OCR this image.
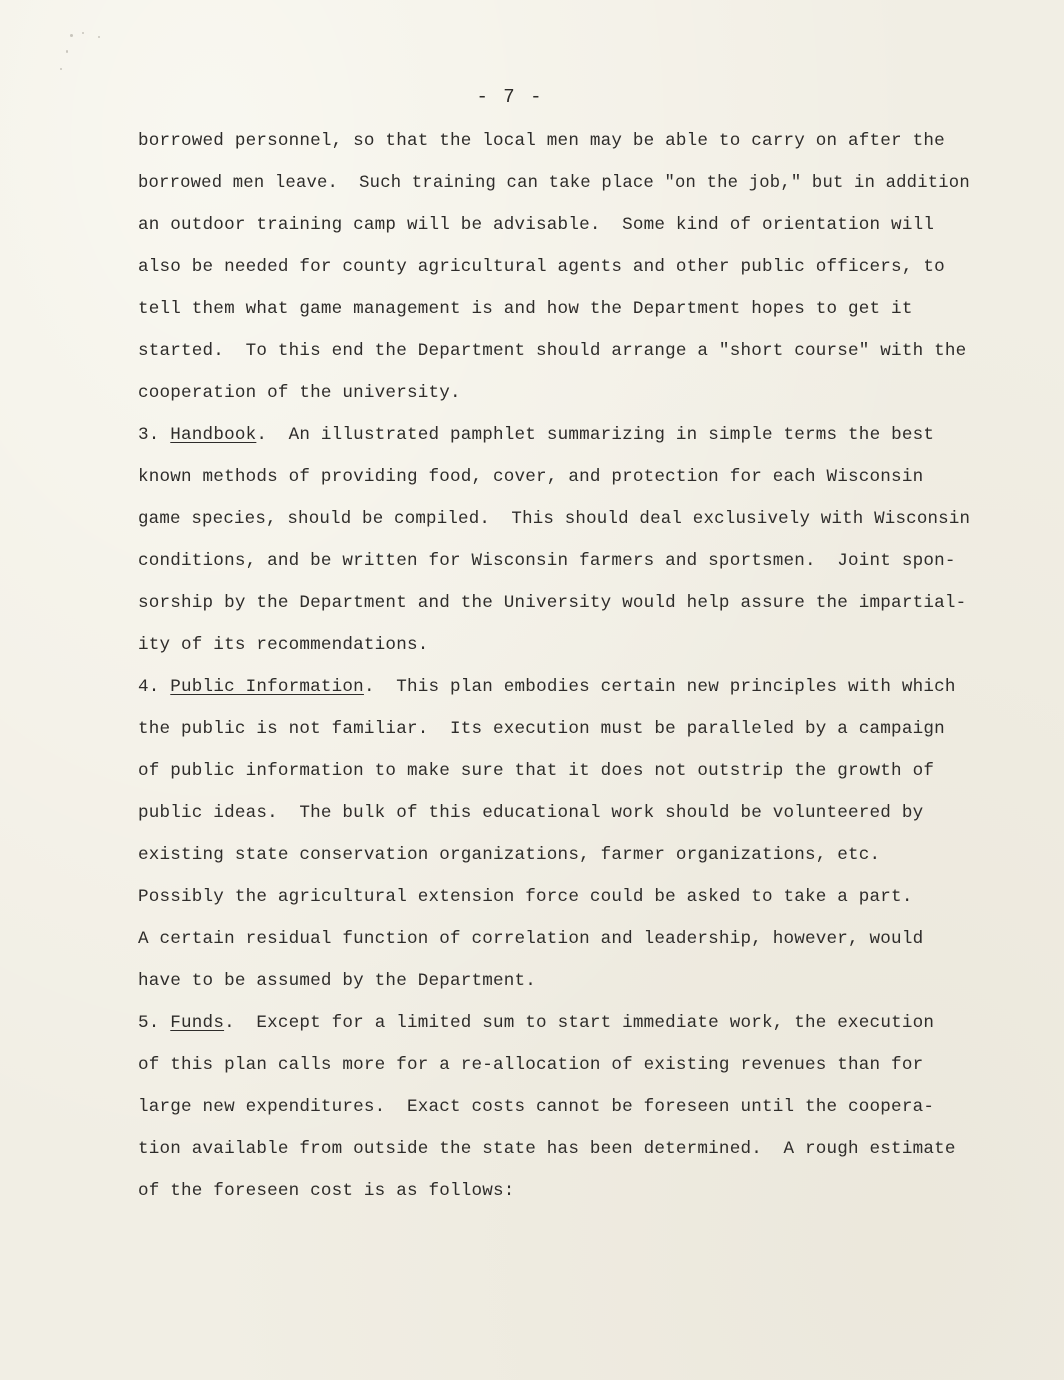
- 7 -
borrowed personnel, so that the local men may be able to carry on after the
borrowed men leave.  Such training can take place "on the job," but in addition
an outdoor training camp will be advisable.  Some kind of orientation will
also be needed for county agricultural agents and other public officers, to
tell them what game management is and how the Department hopes to get it
started.  To this end the Department should arrange a "short course" with the
cooperation of the university.
3. Handbook.  An illustrated pamphlet summarizing in simple terms the best
known methods of providing food, cover, and protection for each Wisconsin
game species, should be compiled.  This should deal exclusively with Wisconsin
conditions, and be written for Wisconsin farmers and sportsmen.  Joint spon-
sorship by the Department and the University would help assure the impartial-
ity of its recommendations.
4. Public Information.  This plan embodies certain new principles with which
the public is not familiar.  Its execution must be paralleled by a campaign
of public information to make sure that it does not outstrip the growth of
public ideas.  The bulk of this educational work should be volunteered by
existing state conservation organizations, farmer organizations, etc.
Possibly the agricultural extension force could be asked to take a part.
A certain residual function of correlation and leadership, however, would
have to be assumed by the Department.
5. Funds.  Except for a limited sum to start immediate work, the execution
of this plan calls more for a re-allocation of existing revenues than for
large new expenditures.  Exact costs cannot be foreseen until the coopera-
tion available from outside the state has been determined.  A rough estimate
of the foreseen cost is as follows:
